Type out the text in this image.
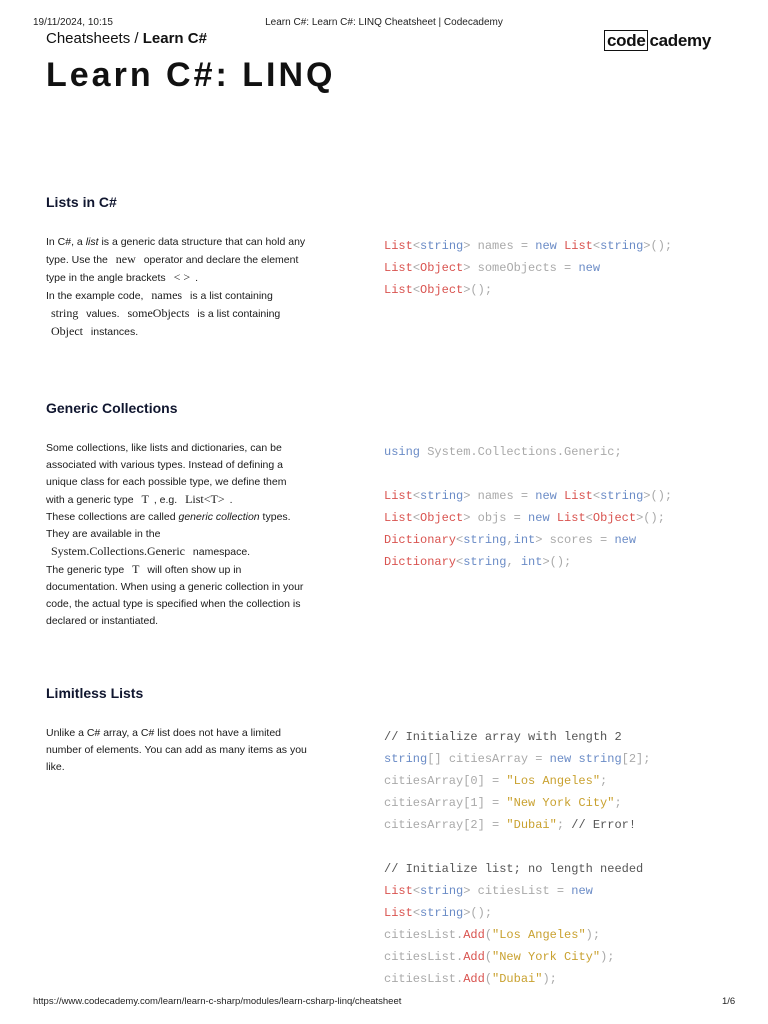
19/11/2024, 10:15	Learn C#: Learn C#: LINQ Cheatsheet | Codecademy
Cheatsheets / Learn C#	code cademy
Learn C#: LINQ
Lists in C#
In C#, a list is a generic data structure that can hold any
type. Use the new operator and declare the element
type in the angle brackets < > .
In the example code, names is a list containing
string values. someObjects is a list containing
Object instances.
List<string> names = new List<string>();
List<Object> someObjects = new
List<Object>();
Generic Collections
Some collections, like lists and dictionaries, can be
associated with various types. Instead of defining a
unique class for each possible type, we define them
with a generic type T , e.g. List<T> .
These collections are called generic collection types.
They are available in the
System.Collections.Generic namespace.
The generic type T will often show up in
documentation. When using a generic collection in your
code, the actual type is specified when the collection is
declared or instantiated.
using System.Collections.Generic;
List<string> names = new List<string>();
List<Object> objs = new List<Object>();
Dictionary<string,int> scores = new
Dictionary<string, int>();
Limitless Lists
Unlike a C# array, a C# list does not have a limited
number of elements. You can add as many items as you
like.
// Initialize array with length 2
string[] citiesArray = new string[2];
citiesArray[0] = "Los Angeles";
citiesArray[1] = "New York City";
citiesArray[2] = "Dubai"; // Error!
// Initialize list; no length needed
List<string> citiesList = new
List<string>();
citiesList.Add("Los Angeles");
citiesList.Add("New York City");
citiesList.Add("Dubai");
https://www.codecademy.com/learn/learn-c-sharp/modules/learn-csharp-linq/cheatsheet	1/6
